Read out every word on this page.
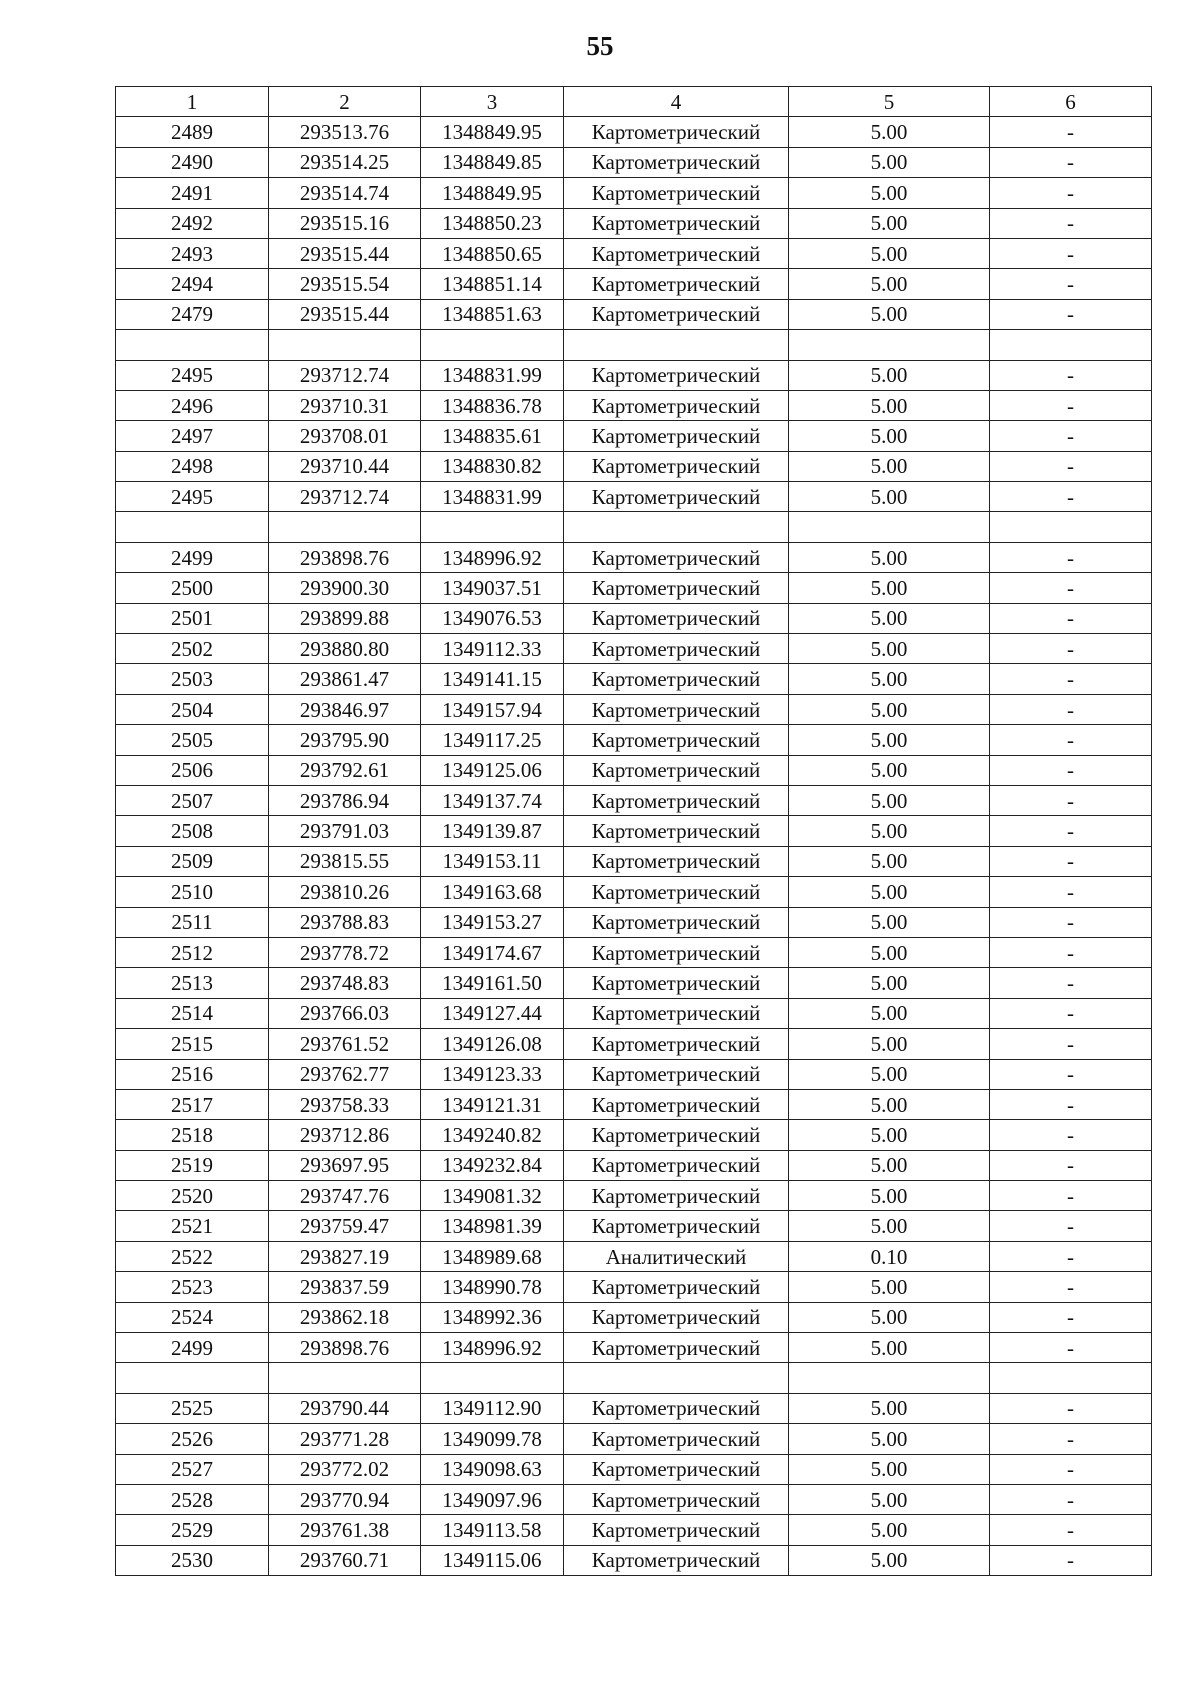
55
1	2	3	4	5	6
2489	293513.76	1348849.95	Картометрический	5.00	-
2490	293514.25	1348849.85	Картометрический	5.00	-
2491	293514.74	1348849.95	Картометрический	5.00	-
2492	293515.16	1348850.23	Картометрический	5.00	-
2493	293515.44	1348850.65	Картометрический	5.00	-
2494	293515.54	1348851.14	Картометрический	5.00	-
2479	293515.44	1348851.63	Картометрический	5.00	-

2495	293712.74	1348831.99	Картометрический	5.00	-
2496	293710.31	1348836.78	Картометрический	5.00	-
2497	293708.01	1348835.61	Картометрический	5.00	-
2498	293710.44	1348830.82	Картометрический	5.00	-
2495	293712.74	1348831.99	Картометрический	5.00	-

2499	293898.76	1348996.92	Картометрический	5.00	-
2500	293900.30	1349037.51	Картометрический	5.00	-
2501	293899.88	1349076.53	Картометрический	5.00	-
2502	293880.80	1349112.33	Картометрический	5.00	-
2503	293861.47	1349141.15	Картометрический	5.00	-
2504	293846.97	1349157.94	Картометрический	5.00	-
2505	293795.90	1349117.25	Картометрический	5.00	-
2506	293792.61	1349125.06	Картометрический	5.00	-
2507	293786.94	1349137.74	Картометрический	5.00	-
2508	293791.03	1349139.87	Картометрический	5.00	-
2509	293815.55	1349153.11	Картометрический	5.00	-
2510	293810.26	1349163.68	Картометрический	5.00	-
2511	293788.83	1349153.27	Картометрический	5.00	-
2512	293778.72	1349174.67	Картометрический	5.00	-
2513	293748.83	1349161.50	Картометрический	5.00	-
2514	293766.03	1349127.44	Картометрический	5.00	-
2515	293761.52	1349126.08	Картометрический	5.00	-
2516	293762.77	1349123.33	Картометрический	5.00	-
2517	293758.33	1349121.31	Картометрический	5.00	-
2518	293712.86	1349240.82	Картометрический	5.00	-
2519	293697.95	1349232.84	Картометрический	5.00	-
2520	293747.76	1349081.32	Картометрический	5.00	-
2521	293759.47	1348981.39	Картометрический	5.00	-
2522	293827.19	1348989.68	Аналитический	0.10	-
2523	293837.59	1348990.78	Картометрический	5.00	-
2524	293862.18	1348992.36	Картометрический	5.00	-
2499	293898.76	1348996.92	Картометрический	5.00	-

2525	293790.44	1349112.90	Картометрический	5.00	-
2526	293771.28	1349099.78	Картометрический	5.00	-
2527	293772.02	1349098.63	Картометрический	5.00	-
2528	293770.94	1349097.96	Картометрический	5.00	-
2529	293761.38	1349113.58	Картометрический	5.00	-
2530	293760.71	1349115.06	Картометрический	5.00	-
